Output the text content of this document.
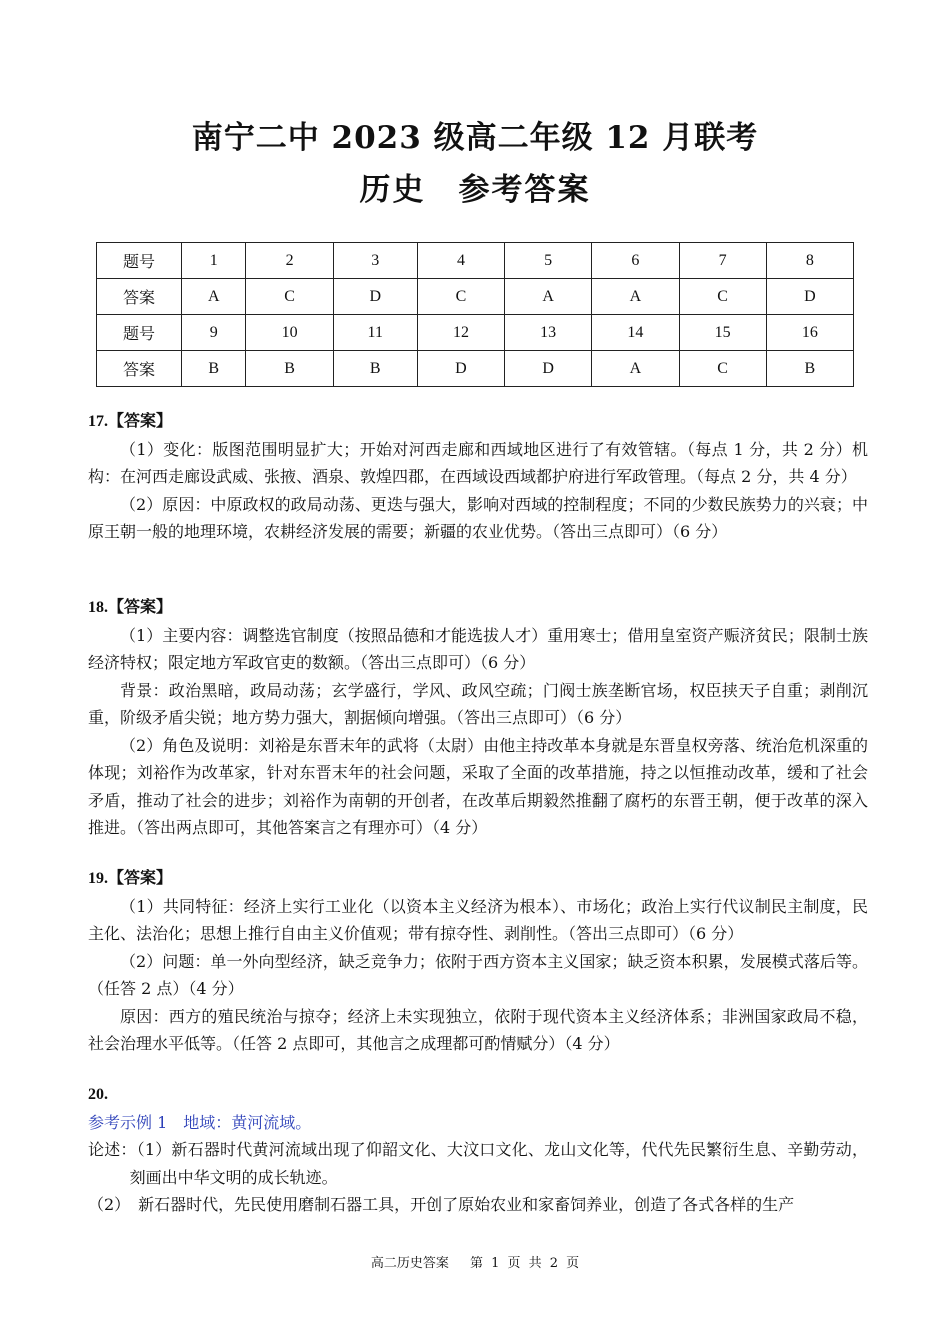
南宁二中 2023 级高二年级 12 月联考
历史　参考答案
题号	1	2	3	4	5	6	7	8
答案	A	C	D	C	A	A	C	D
题号	9	10	11	12	13	14	15	16
答案	B	B	B	D	D	A	C	B
17.【答案】

（1）变化：版图范围明显扩大；开始对河西走廊和西域地区进行了有效管辖。（每点 1 分，共 2 分）机构：在河西走廊设武威、张掖、酒泉、敦煌四郡，在西域设西域都护府进行军政管理。（每点 2 分，共 4 分）

（2）原因：中原政权的政局动荡、更迭与强大，影响对西域的控制程度；不同的少数民族势力的兴衰；中原王朝一般的地理环境，农耕经济发展的需要；新疆的农业优势。（答出三点即可）（6 分）

18.【答案】

（1）主要内容：调整选官制度（按照品德和才能选拔人才）重用寒士；借用皇室资产赈济贫民；限制士族经济特权；限定地方军政官吏的数额。（答出三点即可）（6 分）

背景：政治黑暗，政局动荡；玄学盛行，学风、政风空疏；门阀士族垄断官场，权臣挟天子自重；剥削沉重，阶级矛盾尖锐；地方势力强大，割据倾向增强。（答出三点即可）（6 分）

（2）角色及说明：刘裕是东晋末年的武将（太尉）由他主持改革本身就是东晋皇权旁落、统治危机深重的体现；刘裕作为改革家，针对东晋末年的社会问题，采取了全面的改革措施，持之以恒推动改革，缓和了社会矛盾，推动了社会的进步；刘裕作为南朝的开创者，在改革后期毅然推翻了腐朽的东晋王朝，便于改革的深入推进。（答出两点即可，其他答案言之有理亦可）（4 分）

19.【答案】

（1）共同特征：经济上实行工业化（以资本主义经济为根本）、市场化；政治上实行代议制民主制度，民主化、法治化；思想上推行自由主义价值观；带有掠夺性、剥削性。（答出三点即可）（6 分）

（2）问题：单一外向型经济，缺乏竞争力；依附于西方资本主义国家；缺乏资本积累，发展模式落后等。（任答 2 点）（4 分）

原因：西方的殖民统治与掠夺；经济上未实现独立，依附于现代资本主义经济体系；非洲国家政局不稳，社会治理水平低等。（任答 2 点即可，其他言之成理都可酌情赋分）（4 分）

20.

参考示例 1　地域：黄河流域。

论述：（1）新石器时代黄河流域出现了仰韶文化、大汶口文化、龙山文化等，代代先民繁衍生息、辛勤劳动，刻画出中华文明的成长轨迹。

（2）　新石器时代，先民使用磨制石器工具，开创了原始农业和家畜饲养业，创造了各式各样的生产

高二历史答案　 第 1 页 共 2 页
